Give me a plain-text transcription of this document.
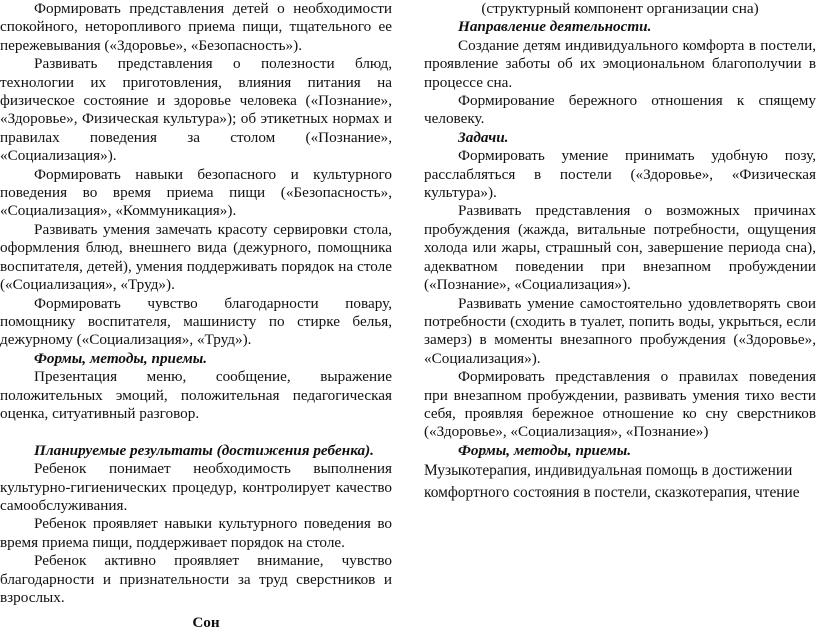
Формировать представления детей о необходимости спокойного, неторопливого приема пищи, тщательного ее пережевывания («Здоровье», «Безопасность»).

Развивать представления о полезности блюд, технологии их приготовления, влияния питания на физическое состояние и здоровье человека («Познание», «Здоровье», Физическая культура»); об этикетных нормах и правилах поведения за столом («Познание», «Социализация»).

Формировать навыки безопасного и культурного поведения во время приема пищи («Безопасность», «Социализация», «Коммуникация»).

Развивать умения замечать красоту сервировки стола, оформления блюд, внешнего вида (дежурного, помощника воспитателя, детей), умения поддерживать порядок на столе («Социализация», «Труд»).

Формировать чувство благодарности повару, помощнику воспитателя, машинисту по стирке белья, дежурному («Социализация», «Труд»).

Формы, методы, приемы.

Презентация меню, сообщение, выражение положительных эмоций, положительная педагогическая оценка, ситуативный разговор.

Планируемые результаты (достижения ребенка).

Ребенок понимает необходимость выполнения культурно-гигиенических процедур, контролирует качество самообслуживания.

Ребенок проявляет навыки культурного поведения во время приема пищи, поддерживает порядок на столе.

Ребенок активно проявляет внимание, чувство благодарности и признательности за труд сверстников и взрослых.

Сон

(структурный компонент организации сна)

Направление деятельности.

Создание детям индивидуального комфорта в постели, проявление заботы об их эмоциональном благополучии в процессе сна.

Формирование бережного отношения к спящему человеку.

Задачи.

Формировать умение принимать удобную позу, расслабляться в постели («Здоровье», «Физическая культура»).

Развивать представления о возможных причинах пробуждения (жажда, витальные потребности, ощущения холода или жары, страшный сон, завершение периода сна), адекватном поведении при внезапном пробуждении («Познание», «Социализация»).

Развивать умение самостоятельно удовлетворять свои потребности (сходить в туалет, попить воды, укрыться, если замерз) в моменты внезапного пробуждения («Здоровье», «Социализация»).

Формировать представления о правилах поведения при внезапном пробуждении, развивать умения тихо вести себя, проявляя бережное отношение ко сну сверстников («Здоровье», «Социализация», «Познание»)

Формы, методы, приемы.

Музыкотерапия, индивидуальная помощь в достижении комфортного состояния в постели, сказкотерапия, чтение
